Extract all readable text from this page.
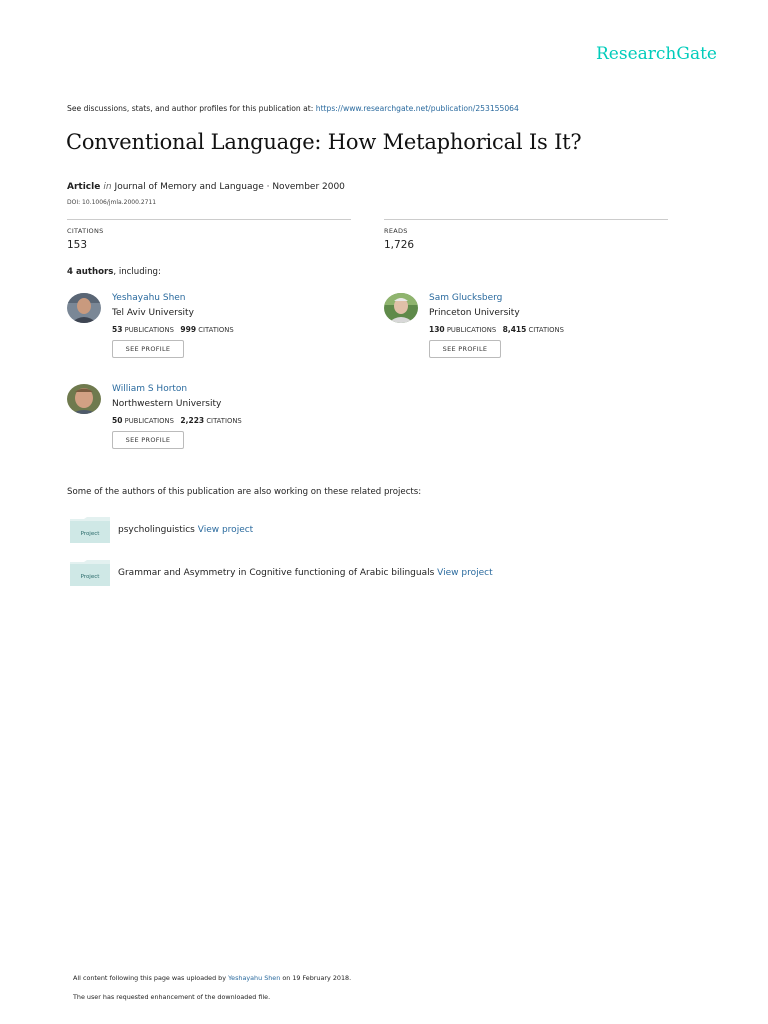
ResearchGate
See discussions, stats, and author profiles for this publication at: https://www.researchgate.net/publication/253155064
Conventional Language: How Metaphorical Is It?
Article in Journal of Memory and Language · November 2000
DOI: 10.1006/jmla.2000.2711
CITATIONS
153
READS
1,726
4 authors, including:
Yeshayahu Shen
Tel Aviv University
53 PUBLICATIONS 999 CITATIONS
SEE PROFILE
Sam Glucksberg
Princeton University
130 PUBLICATIONS 8,415 CITATIONS
SEE PROFILE
William S Horton
Northwestern University
50 PUBLICATIONS 2,223 CITATIONS
SEE PROFILE
Some of the authors of this publication are also working on these related projects:
Project psycholinguistics View project
Project Grammar and Asymmetry in Cognitive functioning of Arabic bilinguals View project
All content following this page was uploaded by Yeshayahu Shen on 19 February 2018.
The user has requested enhancement of the downloaded file.
